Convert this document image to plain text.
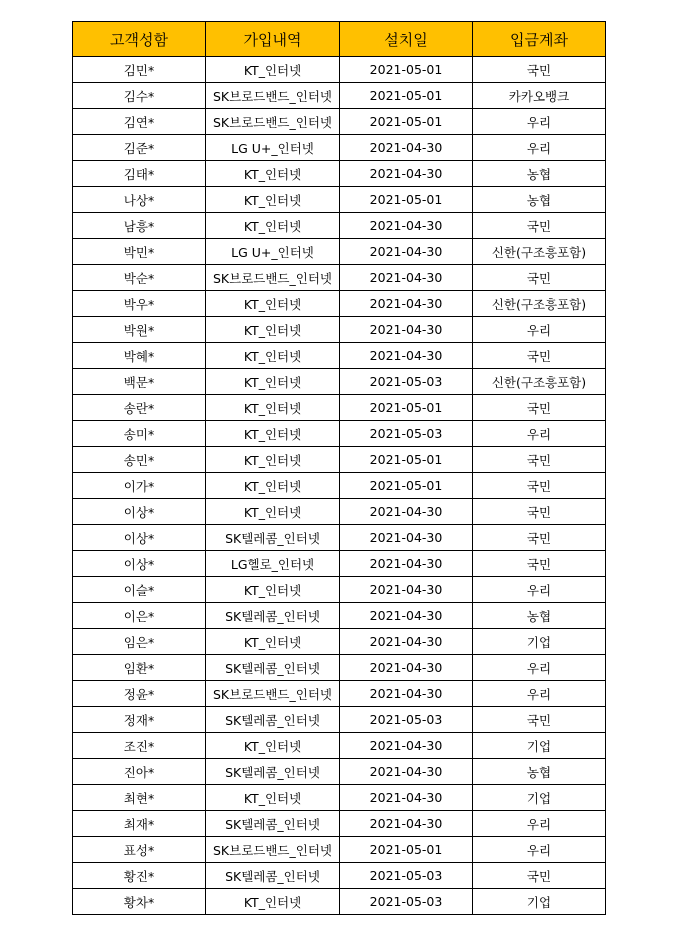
고객성함	가입내역	설치일	입금계좌
김민*	KT_인터넷	2021-05-01	국민
김수*	SK브로드밴드_인터넷	2021-05-01	카카오뱅크
김연*	SK브로드밴드_인터넷	2021-05-01	우리
김준*	LG U+_인터넷	2021-04-30	우리
김태*	KT_인터넷	2021-04-30	농협
나상*	KT_인터넷	2021-05-01	농협
남흥*	KT_인터넷	2021-04-30	국민
박민*	LG U+_인터넷	2021-04-30	신한(구조흥포함)
박순*	SK브로드밴드_인터넷	2021-04-30	국민
박우*	KT_인터넷	2021-04-30	신한(구조흥포함)
박원*	KT_인터넷	2021-04-30	우리
박혜*	KT_인터넷	2021-04-30	국민
백문*	KT_인터넷	2021-05-03	신한(구조흥포함)
송란*	KT_인터넷	2021-05-01	국민
송미*	KT_인터넷	2021-05-03	우리
송민*	KT_인터넷	2021-05-01	국민
이가*	KT_인터넷	2021-05-01	국민
이상*	KT_인터넷	2021-04-30	국민
이상*	SK텔레콤_인터넷	2021-04-30	국민
이상*	LG헬로_인터넷	2021-04-30	국민
이슬*	KT_인터넷	2021-04-30	우리
이은*	SK텔레콤_인터넷	2021-04-30	농협
임은*	KT_인터넷	2021-04-30	기업
임환*	SK텔레콤_인터넷	2021-04-30	우리
정윤*	SK브로드밴드_인터넷	2021-04-30	우리
정재*	SK텔레콤_인터넷	2021-05-03	국민
조진*	KT_인터넷	2021-04-30	기업
진아*	SK텔레콤_인터넷	2021-04-30	농협
최현*	KT_인터넷	2021-04-30	기업
최재*	SK텔레콤_인터넷	2021-04-30	우리
표성*	SK브로드밴드_인터넷	2021-05-01	우리
황진*	SK텔레콤_인터넷	2021-05-03	국민
황차*	KT_인터넷	2021-05-03	기업
